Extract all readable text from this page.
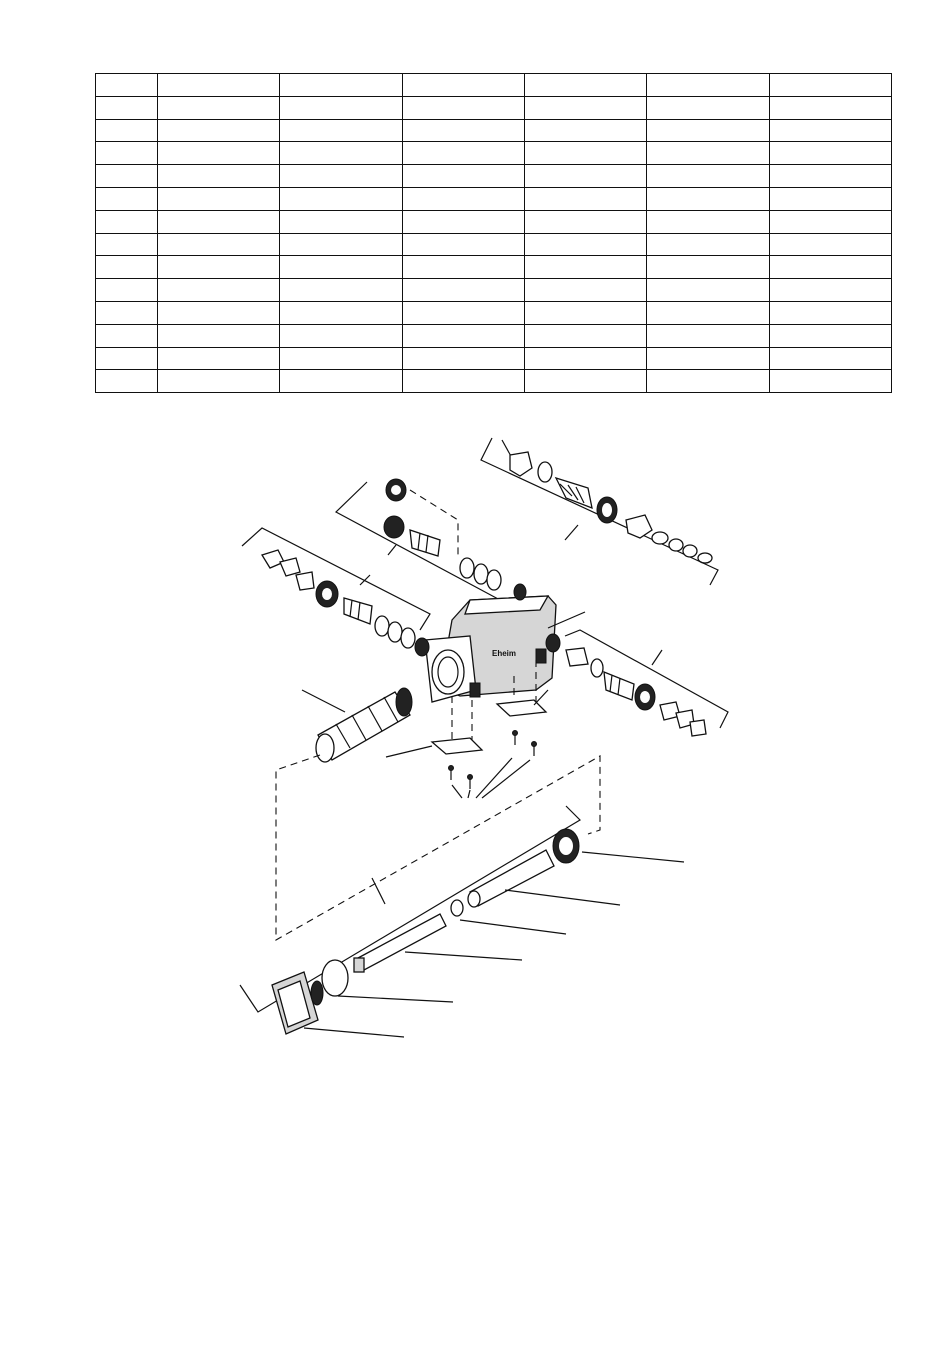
Eheim
